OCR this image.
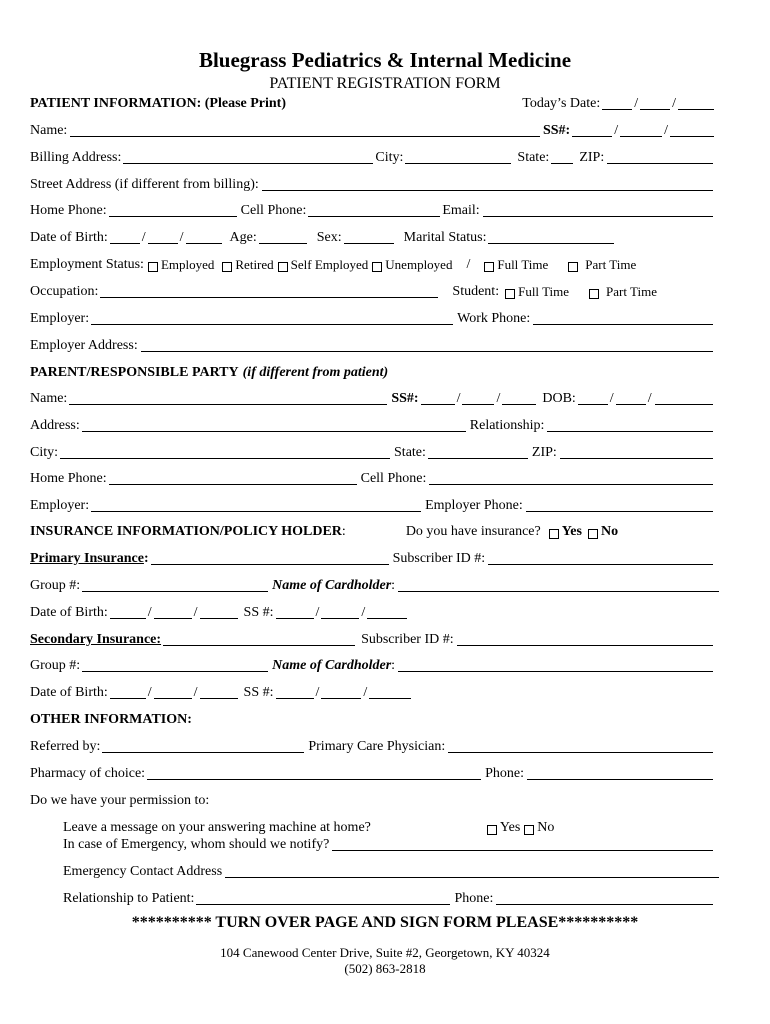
Bluegrass Pediatrics & Internal Medicine
PATIENT REGISTRATION FORM
PATIENT INFORMATION: (Please Print)	Today’s Date: / /
Name:	SS#:	/	/
Billing Address:	City:	State: ZIP:
Street Address (if different from billing):
Home Phone:	Cell Phone:	Email:
Date of Birth: / /	Age:	Sex:	Marital Status:
Employment Status: Employed Retired Self Employed Unemployed / Full Time	Part Time
Occupation:	Student: Full Time	Part Time
Employer:	Work Phone:
Employer Address:
PARENT/RESPONSIBLE PARTY (if different from patient)
Name:	SS#:	/	/	DOB: / /
Address:	Relationship:
City:	State:	ZIP:
Home Phone:	Cell Phone:
Employer:	Employer Phone:
INSURANCE INFORMATION/POLICY HOLDER :	Do you have insurance? Yes No
Primary Insurance :	Subscriber ID #:
Group #:	Name of Cardholder :
Date of Birth:	/	/	SS #:	/	/
Secondary Insurance:	Subscriber ID #:
Group #:	Name of Cardholder :
Date of Birth:	/	/	SS #:	/	/
OTHER INFORMATION:
Referred by:	Primary Care Physician:
Pharmacy of choice:	Phone:
Do we have your permission to:
Leave a message on your answering machine at home?	Yes No
In case of Emergency, whom should we notify?
Emergency Contact Address
Relationship to Patient:	Phone:
********** TURN OVER PAGE AND SIGN FORM PLEASE**********
104 Canewood Center Drive, Suite #2, Georgetown, KY 40324
(502) 863-2818
